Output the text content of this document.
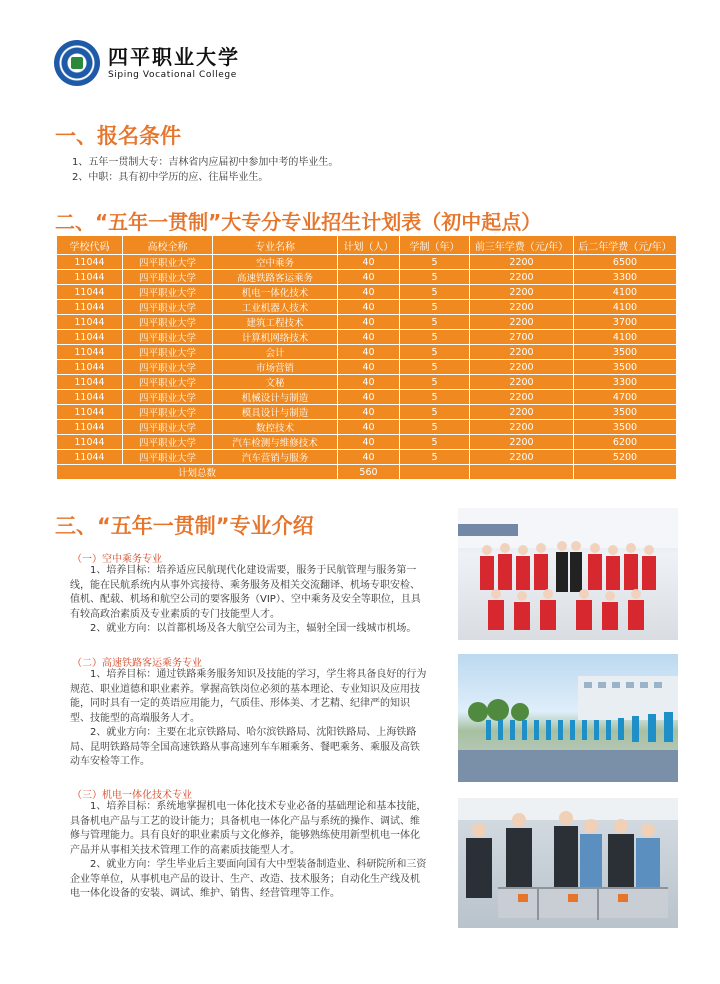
四平职业大学
Siping Vocational College
一、报名条件
1、五年一贯制大专：吉林省内应届初中参加中考的毕业生。
2、中职：具有初中学历的应、往届毕业生。
二、“五年一贯制”大专分专业招生计划表（初中起点）
学校代码	高校全称	专业名称	计划（人）	学制（年）	前三年学费（元/年）	后二年学费（元/年）
11044	四平职业大学	空中乘务	40	5	2200	6500
11044	四平职业大学	高速铁路客运乘务	40	5	2200	3300
11044	四平职业大学	机电一体化技术	40	5	2200	4100
11044	四平职业大学	工业机器人技术	40	5	2200	4100
11044	四平职业大学	建筑工程技术	40	5	2200	3700
11044	四平职业大学	计算机网络技术	40	5	2700	4100
11044	四平职业大学	会计	40	5	2200	3500
11044	四平职业大学	市场营销	40	5	2200	3500
11044	四平职业大学	文秘	40	5	2200	3300
11044	四平职业大学	机械设计与制造	40	5	2200	4700
11044	四平职业大学	模具设计与制造	40	5	2200	3500
11044	四平职业大学	数控技术	40	5	2200	3500
11044	四平职业大学	汽车检测与维修技术	40	5	2200	6200
11044	四平职业大学	汽车营销与服务	40	5	2200	5200
计划总数			560			
三、“五年一贯制”专业介绍
（一）空中乘务专业
1、培养目标：培养适应民航现代化建设需要，服务于民航管理与服务第一线，能在民航系统内从事外宾接待、乘务服务及相关交流翻译、机场专职安检、值机、配载、机场和航空公司的要客服务（VIP）、空中乘务及安全等职位，且具有较高政治素质及专业素质的专门技能型人才。
2、就业方向：以首都机场及各大航空公司为主，辐射全国一线城市机场。
（二）高速铁路客运乘务专业
1、培养目标：通过铁路乘务服务知识及技能的学习，学生将具备良好的行为规范、职业道德和职业素养。掌握高铁岗位必须的基本理论、专业知识及应用技能，同时具有一定的英语应用能力，气质佳、形体美、才艺精、纪律严的知识型、技能型的高端服务人才。
2、就业方向：主要在北京铁路局、哈尔滨铁路局、沈阳铁路局、上海铁路局、昆明铁路局等全国高速铁路从事高速列车车厢乘务、餐吧乘务、乘服及高铁动车安检等工作。
（三）机电一体化技术专业
1、培养目标：系统地掌握机电一体化技术专业必备的基础理论和基本技能，具备机电产品与工艺的设计能力；具备机电一体化产品与系统的操作、调试、维修与管理能力。具有良好的职业素质与文化修养，能够熟练使用新型机电一体化产品并从事相关技术管理工作的高素质技能型人才。
2、就业方向：学生毕业后主要面向国有大中型装备制造业、科研院所和三资企业等单位，从事机电产品的设计、生产、改造、技术服务；自动化生产线及机电一体化设备的安装、调试、维护、销售、经营管理等工作。
